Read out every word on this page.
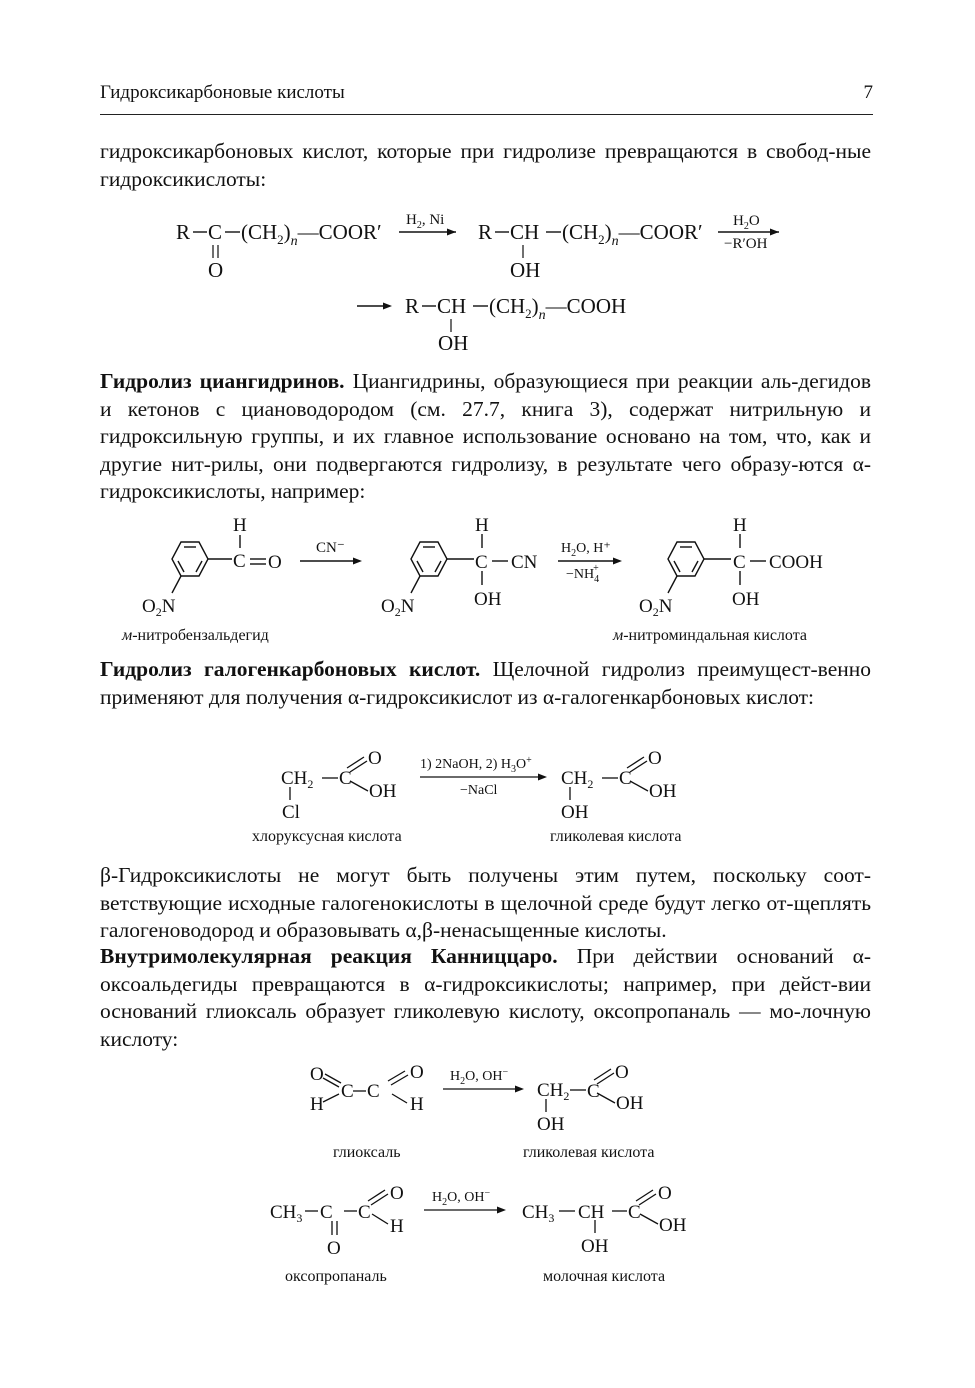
Гидроксикарбоновые кислоты	7

гидроксикарбоновых кислот, которые при гидролизе превращаются в свобод-ные гидроксикислоты:

R C
O
$(CH_2)_n—COOR'$ $H_2$, Ni R CH
OH
$(CH_2)_n—COOR'$ $H_2O$
−R′OH
R CH
OH
$(CH_2)_n—COOH$

Гидролиз циангидринов. Циангидрины, образующиеся при реакции аль-дегидов и кетонов с циановодородом (см. 27.7, книга 3), содержат нитрильную и гидроксильную группы, и их главное использование основано на том, что, как и другие нит-рилы, они подвергаются гидролизу, в результате чего образу-ются α-гидроксикислоты, например:

H
C O
$O_2N$
CN⁻
H
C CN
OH
$O_2N$
$H_2O$, H⁺
$-NH_4+$
H
C COOH
OH
$O_2N$
м-нитробензальдегид	м-нитроминдальная кислота

Гидролиз галогенкарбоновых кислот. Щелочной гидролиз преимущест-венно применяют для получения α-гидроксикислот из α-галогенкарбоновых кислот:

$CH_2$ C
O
OH
Cl
1) 2NaOH, 2) $H_3O^+$
−NaCl
$CH_2$ C
O
OH
OH
хлоруксусная кислота	гликолевая кислота

β-Гидроксикислоты не могут быть получены этим путем, поскольку соот-ветствующие исходные галогенокислоты в щелочной среде будут легко от-щеплять галогеноводород и образовывать α,β-ненасыщенные кислоты.

Внутримолекулярная реакция Канниццаро. При действии оснований α-оксоальдегиды превращаются в α-гидроксикислоты; например, при дейст-вии оснований глиоксаль образует гликолевую кислоту, оксопропаналь — мо-лочную кислоту:

O
H
C C
O
H
$H_2O$, OH−
$CH_2$ C
O
OH
OH
глиоксаль	гликолевая кислота
$CH_3$ C
O
C
O
H
$H_2O$, OH−
$CH_3$ CH
OH
C
O
OH
оксопропаналь	молочная кислота
